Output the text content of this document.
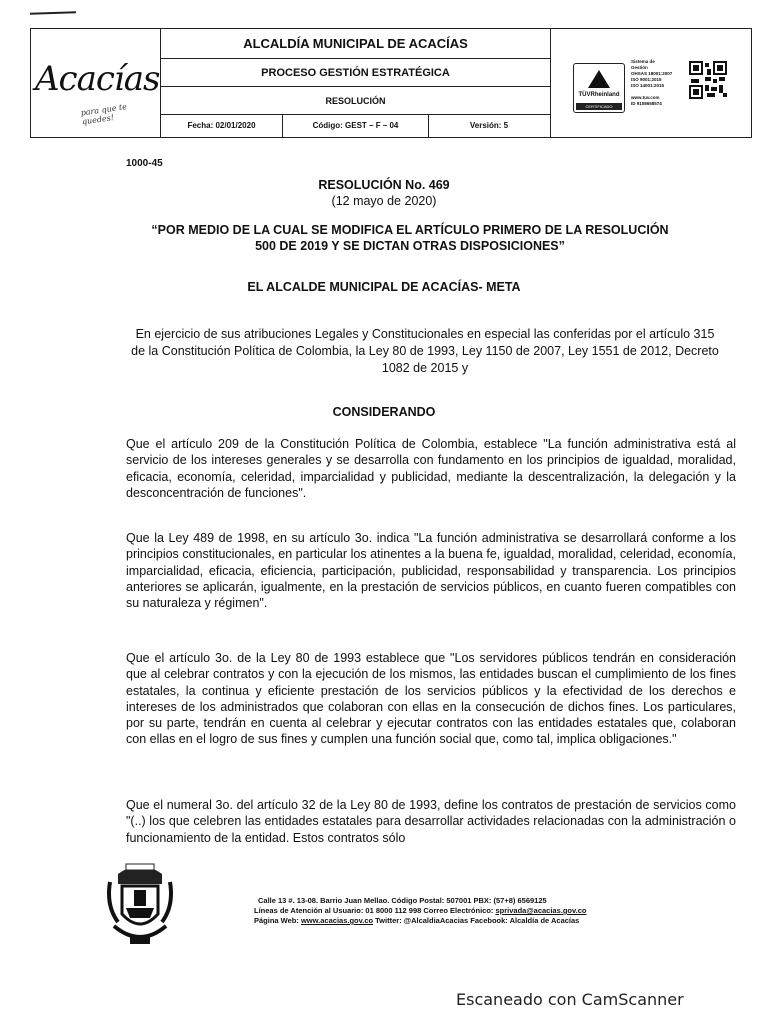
Acacías
para que te quedes!
ALCALDÍA MUNICIPAL DE ACACÍAS
PROCESO GESTIÓN ESTRATÉGICA
RESOLUCIÓN
Fecha: 02/01/2020	Código: GEST – F – 04	Versión: 5
TÜVRheinland
CERTIFICADO
Sistema de
Gestión
OHSAS 18001:2007
ISO 9001:2015
ISO 14001:2015
www.tuv.com
ID 9108658574
1000-45
RESOLUCIÓN No. 469
(12 mayo de 2020)
“POR MEDIO DE LA CUAL SE MODIFICA EL ARTÍCULO PRIMERO DE LA RESOLUCIÓN 500 DE 2019 Y SE DICTAN OTRAS DISPOSICIONES”
EL ALCALDE MUNICIPAL DE ACACÍAS- META
En ejercicio de sus atribuciones Legales y Constitucionales en especial las conferidas por el artículo 315 de la Constitución Política de Colombia, la Ley 80 de 1993, Ley 1150 de 2007, Ley 1551 de 2012, Decreto 1082 de 2015 y
CONSIDERANDO
Que el artículo 209 de la Constitución Política de Colombia, establece "La función administrativa está al servicio de los intereses generales y se desarrolla con fundamento en los principios de igualdad, moralidad, eficacia, economía, celeridad, imparcialidad y publicidad, mediante la descentralización, la delegación y la desconcentración de funciones".
Que la Ley 489 de 1998, en su artículo 3o. indica "La función administrativa se desarrollará conforme a los principios constitucionales, en particular los atinentes a la buena fe, igualdad, moralidad, celeridad, economía, imparcialidad, eficacia, eficiencia, participación, publicidad, responsabilidad y transparencia. Los principios anteriores se aplicarán, igualmente, en la prestación de servicios públicos, en cuanto fueren compatibles con su naturaleza y régimen".
Que el artículo 3o. de la Ley 80 de 1993 establece que "Los servidores públicos tendrán en consideración que al celebrar contratos y con la ejecución de los mismos, las entidades buscan el cumplimiento de los fines estatales, la continua y eficiente prestación de los servicios públicos y la efectividad de los derechos e intereses de los administrados que colaboran con ellas en la consecución de dichos fines. Los particulares, por su parte, tendrán en cuenta al celebrar y ejecutar contratos con las entidades estatales que, colaboran con ellas en el logro de sus fines y cumplen una función social que, como tal, implica obligaciones."
Que el numeral 3o. del artículo 32 de la Ley 80 de 1993, define los contratos de prestación de servicios como "(..) los que celebren las entidades estatales para desarrollar actividades relacionadas con la administración o funcionamiento de la entidad. Estos contratos sólo
Calle 13 #. 13-08. Barrio Juan Mellao. Código Postal: 507001 PBX: (57+8) 6569125
Líneas de Atención al Usuario: 01 8000 112 998 Correo Electrónico: sprivada@acacias.gov.co
Página Web: www.acacias.gov.co Twitter: @AlcaldiaAcacias Facebook: Alcaldía de Acacías
Escaneado con CamScanner
